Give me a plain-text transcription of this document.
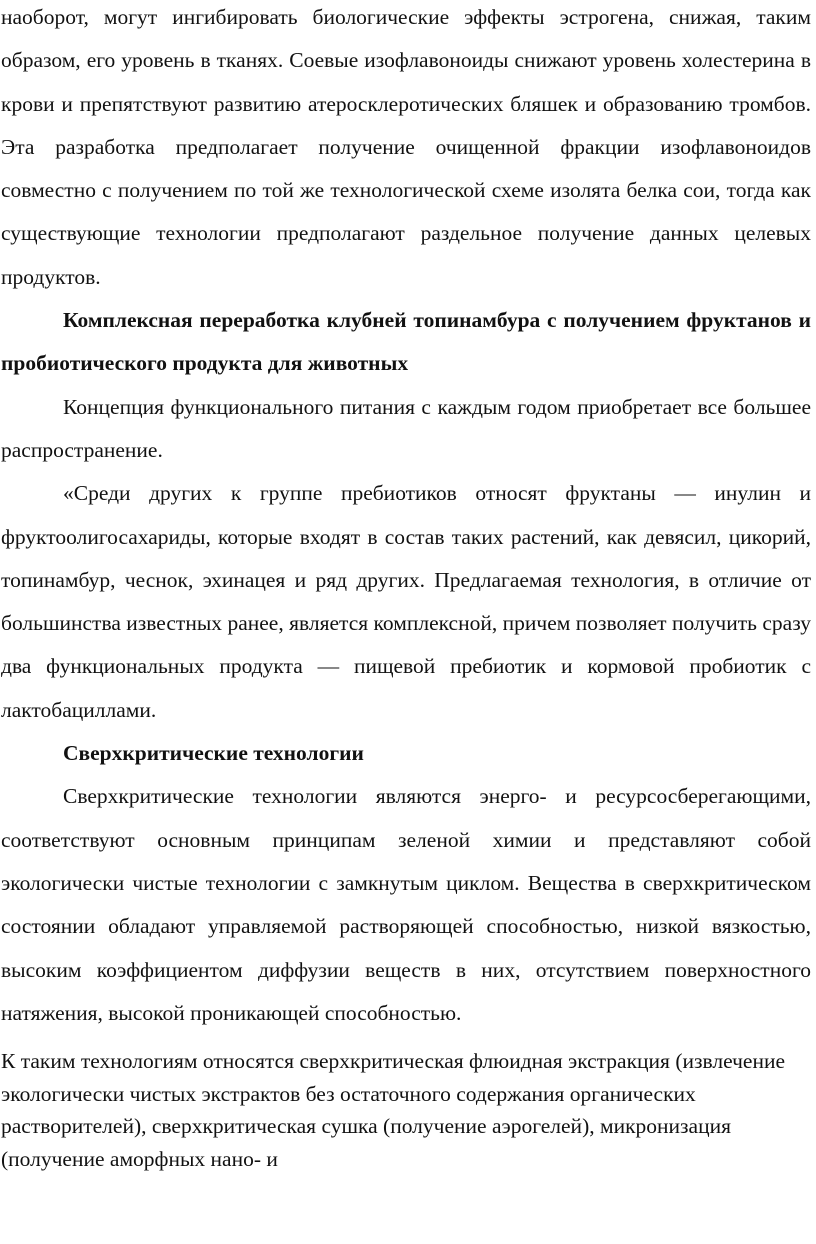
наоборот, могут ингибировать биологические эффекты эстрогена, снижая, таким образом, его уровень в тканях. Соевые изофлавоноиды снижают уровень холестерина в крови и препятствуют развитию атеросклеротических бляшек и образованию тромбов. Эта разработка предполагает получение очищенной фракции изофлавоноидов совместно с получением по той же технологической схеме изолята белка сои, тогда как существующие технологии предполагают раздельное получение данных целевых продуктов.

Комплексная переработка клубней топинамбура с получением фруктанов и пробиотического продукта для животных

Концепция функционального питания с каждым годом приобретает все большее распространение.

«Среди других к группе пребиотиков относят фруктаны — инулин и фруктоолигосахариды, которые входят в состав таких растений, как девясил, цикорий, топинамбур, чеснок, эхинацея и ряд других. Предлагаемая технология, в отличие от большинства известных ранее, является комплексной, причем позволяет получить сразу два функциональных продукта — пищевой пребиотик и кормовой пробиотик с лактобациллами.

Сверхкритические технологии

Сверхкритические технологии являются энерго- и ресурсосберегающими, соответствуют основным принципам зеленой химии и представляют собой экологически чистые технологии с замкнутым циклом. Вещества в сверхкритическом состоянии обладают управляемой растворяющей способностью, низкой вязкостью, высоким коэффициентом диффузии веществ в них, отсутствием поверхностного натяжения, высокой проникающей способностью.

К таким технологиям относятся сверхкритическая флюидная экстракция (извлечение экологически чистых экстрактов без остаточного содержания органических растворителей), сверхкритическая сушка (получение аэрогелей), микронизация (получение аморфных нано- и
